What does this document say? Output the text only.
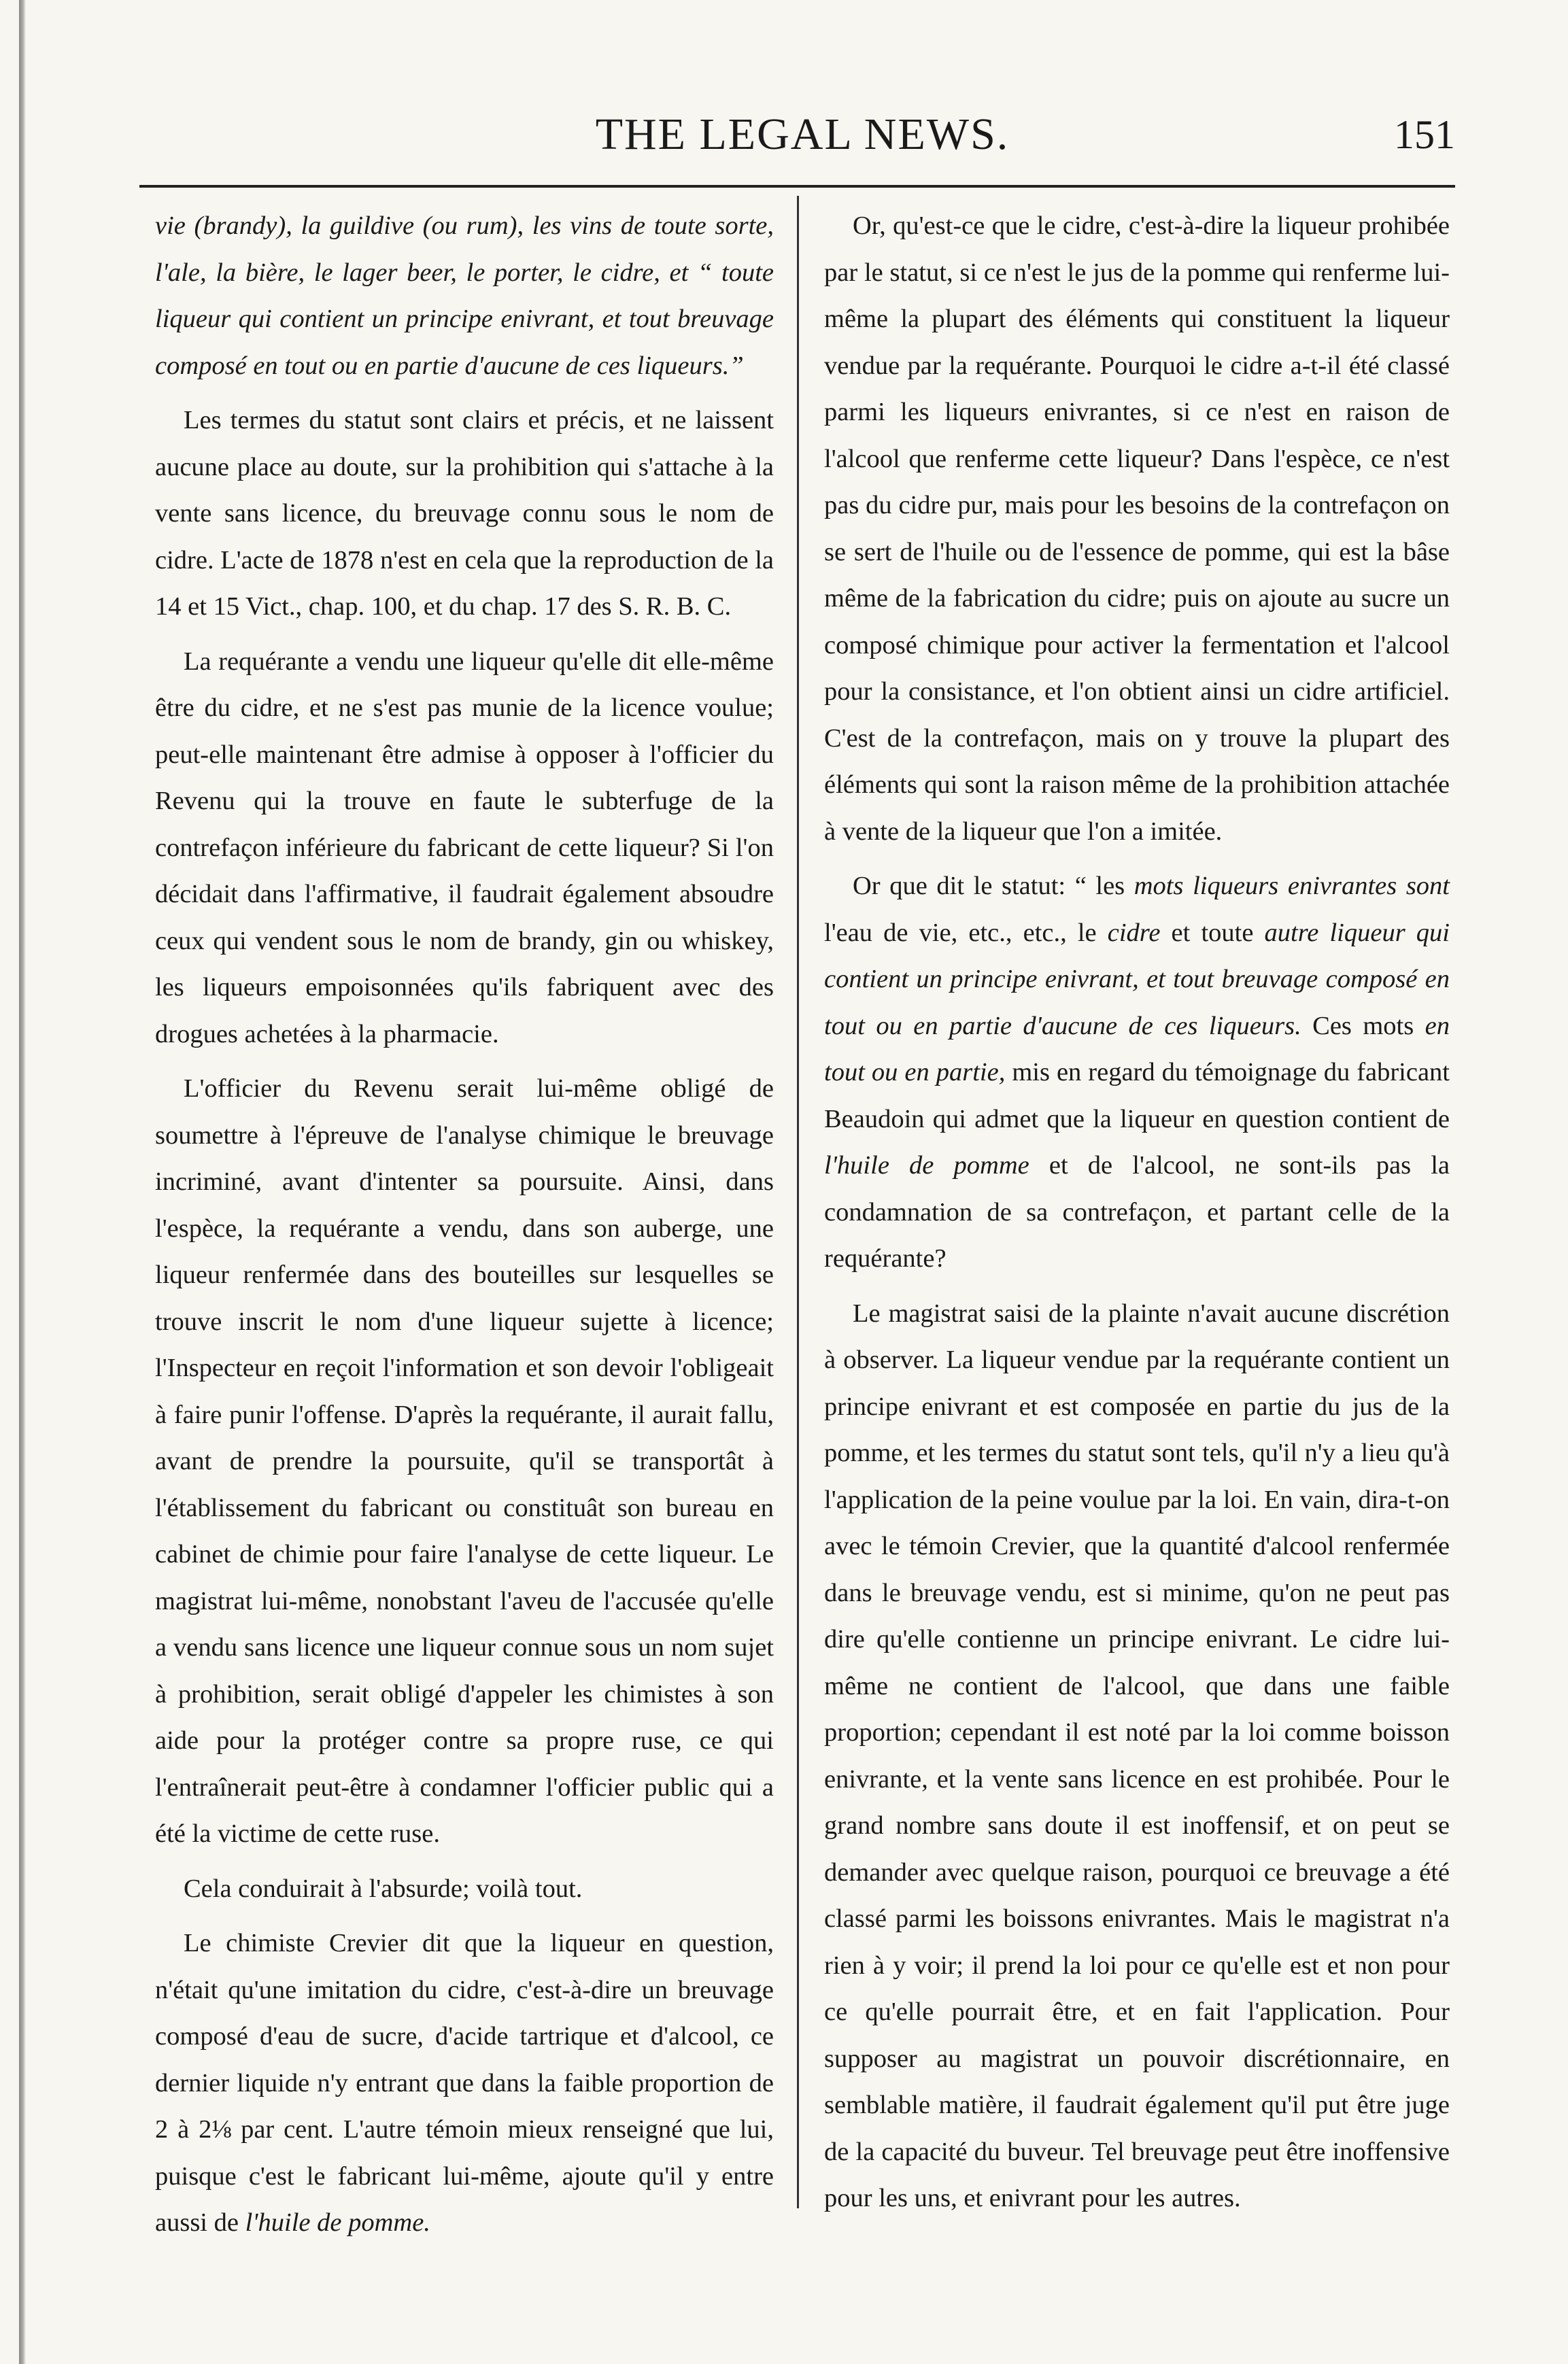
THE LEGAL NEWS.	151

vie (brandy), la guildive (ou rum), les vins de toute sorte, l'ale, la bière, le lager beer, le porter, le cidre, et “ toute liqueur qui contient un principe enivrant, et tout breuvage composé en tout ou en partie d'aucune de ces liqueurs.”

Les termes du statut sont clairs et précis, et ne laissent aucune place au doute, sur la prohibition qui s'attache à la vente sans licence, du breuvage connu sous le nom de cidre. L'acte de 1878 n'est en cela que la reproduction de la 14 et 15 Vict., chap. 100, et du chap. 17 des S. R. B. C.

La requérante a vendu une liqueur qu'elle dit elle-même être du cidre, et ne s'est pas munie de la licence voulue; peut-elle maintenant être admise à opposer à l'officier du Revenu qui la trouve en faute le subterfuge de la contrefaçon inférieure du fabricant de cette liqueur? Si l'on décidait dans l'affirmative, il faudrait également absoudre ceux qui vendent sous le nom de brandy, gin ou whiskey, les liqueurs empoisonnées qu'ils fabriquent avec des drogues achetées à la pharmacie.

L'officier du Revenu serait lui-même obligé de soumettre à l'épreuve de l'analyse chimique le breuvage incriminé, avant d'intenter sa poursuite. Ainsi, dans l'espèce, la requérante a vendu, dans son auberge, une liqueur renfermée dans des bouteilles sur lesquelles se trouve inscrit le nom d'une liqueur sujette à licence; l'Inspecteur en reçoit l'information et son devoir l'obligeait à faire punir l'offense. D'après la requérante, il aurait fallu, avant de prendre la poursuite, qu'il se transportât à l'établissement du fabricant ou constituât son bureau en cabinet de chimie pour faire l'analyse de cette liqueur. Le magistrat lui-même, nonobstant l'aveu de l'accusée qu'elle a vendu sans licence une liqueur connue sous un nom sujet à prohibition, serait obligé d'appeler les chimistes à son aide pour la protéger contre sa propre ruse, ce qui l'entraînerait peut-être à condamner l'officier public qui a été la victime de cette ruse.

Cela conduirait à l'absurde; voilà tout.

Le chimiste Crevier dit que la liqueur en question, n'était qu'une imitation du cidre, c'est-à-dire un breuvage composé d'eau de sucre, d'acide tartrique et d'alcool, ce dernier liquide n'y entrant que dans la faible proportion de 2 à 2⅛ par cent. L'autre témoin mieux renseigné que lui, puisque c'est le fabricant lui-même, ajoute qu'il y entre aussi de l'huile de pomme.

Or, qu'est-ce que le cidre, c'est-à-dire la liqueur prohibée par le statut, si ce n'est le jus de la pomme qui renferme lui-même la plupart des éléments qui constituent la liqueur vendue par la requérante. Pourquoi le cidre a-t-il été classé parmi les liqueurs enivrantes, si ce n'est en raison de l'alcool que renferme cette liqueur? Dans l'espèce, ce n'est pas du cidre pur, mais pour les besoins de la contrefaçon on se sert de l'huile ou de l'essence de pomme, qui est la bâse même de la fabrication du cidre; puis on ajoute au sucre un composé chimique pour activer la fermentation et l'alcool pour la consistance, et l'on obtient ainsi un cidre artificiel. C'est de la contrefaçon, mais on y trouve la plupart des éléments qui sont la raison même de la prohibition attachée à vente de la liqueur que l'on a imitée.

Or que dit le statut: “ les mots liqueurs enivrantes sont l'eau de vie, etc., etc., le cidre et toute autre liqueur qui contient un principe enivrant, et tout breuvage composé en tout ou en partie d'aucune de ces liqueurs. Ces mots en tout ou en partie, mis en regard du témoignage du fabricant Beaudoin qui admet que la liqueur en question contient de l'huile de pomme et de l'alcool, ne sont-ils pas la condamnation de sa contrefaçon, et partant celle de la requérante?

Le magistrat saisi de la plainte n'avait aucune discrétion à observer. La liqueur vendue par la requérante contient un principe enivrant et est composée en partie du jus de la pomme, et les termes du statut sont tels, qu'il n'y a lieu qu'à l'application de la peine voulue par la loi. En vain, dira-t-on avec le témoin Crevier, que la quantité d'alcool renfermée dans le breuvage vendu, est si minime, qu'on ne peut pas dire qu'elle contienne un principe enivrant. Le cidre lui-même ne contient de l'alcool, que dans une faible proportion; cependant il est noté par la loi comme boisson enivrante, et la vente sans licence en est prohibée. Pour le grand nombre sans doute il est inoffensif, et on peut se demander avec quelque raison, pourquoi ce breuvage a été classé parmi les boissons enivrantes. Mais le magistrat n'a rien à y voir; il prend la loi pour ce qu'elle est et non pour ce qu'elle pourrait être, et en fait l'application. Pour supposer au magistrat un pouvoir discrétionnaire, en semblable matière, il faudrait également qu'il put être juge de la capacité du buveur. Tel breuvage peut être inoffensive pour les uns, et enivrant pour les autres.
